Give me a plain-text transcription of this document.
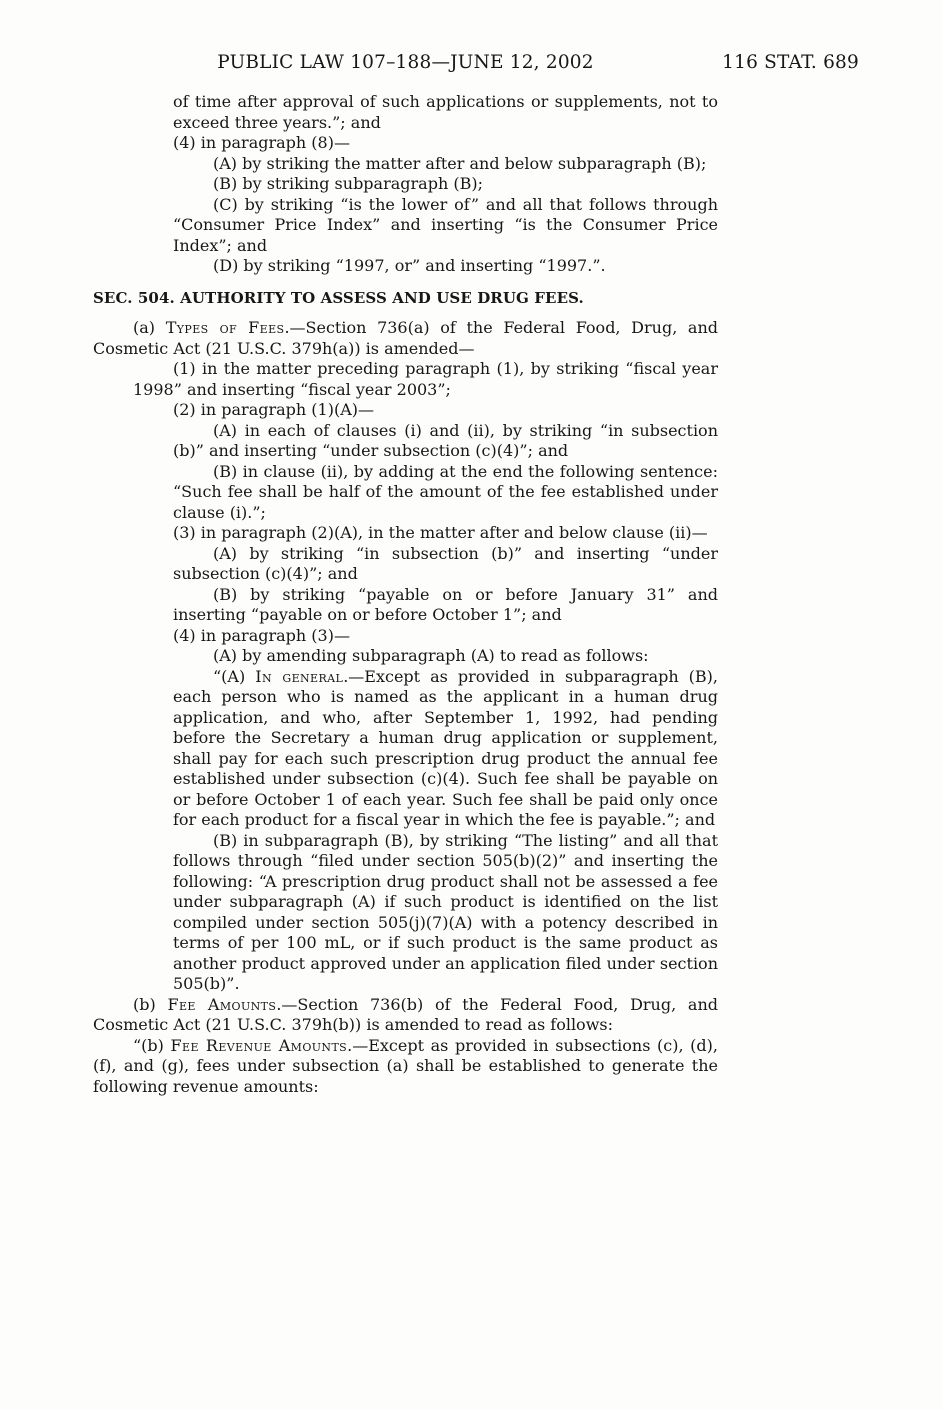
PUBLIC LAW 107–188—JUNE 12, 2002	116 STAT. 689

of time after approval of such applications or supplements, not to exceed three years.”; and

(4) in paragraph (8)—

(A) by striking the matter after and below subparagraph (B);

(B) by striking subparagraph (B);

(C) by striking “is the lower of” and all that follows through “Consumer Price Index” and inserting “is the Consumer Price Index”; and

(D) by striking “1997, or” and inserting “1997.”.

SEC. 504. AUTHORITY TO ASSESS AND USE DRUG FEES.

(a) Types of Fees.—Section 736(a) of the Federal Food, Drug, and Cosmetic Act (21 U.S.C. 379h(a)) is amended—

(1) in the matter preceding paragraph (1), by striking “fiscal year 1998” and inserting “fiscal year 2003”;

(2) in paragraph (1)(A)—

(A) in each of clauses (i) and (ii), by striking “in subsection (b)” and inserting “under subsection (c)(4)”; and

(B) in clause (ii), by adding at the end the following sentence: “Such fee shall be half of the amount of the fee established under clause (i).”;

(3) in paragraph (2)(A), in the matter after and below clause (ii)—

(A) by striking “in subsection (b)” and inserting “under subsection (c)(4)”; and

(B) by striking “payable on or before January 31” and inserting “payable on or before October 1”; and

(4) in paragraph (3)—

(A) by amending subparagraph (A) to read as follows:

“(A) In general.—Except as provided in subparagraph (B), each person who is named as the applicant in a human drug application, and who, after September 1, 1992, had pending before the Secretary a human drug application or supplement, shall pay for each such prescription drug product the annual fee established under subsection (c)(4). Such fee shall be payable on or before October 1 of each year. Such fee shall be paid only once for each product for a fiscal year in which the fee is payable.”; and

(B) in subparagraph (B), by striking “The listing” and all that follows through “filed under section 505(b)(2)” and inserting the following: “A prescription drug product shall not be assessed a fee under subparagraph (A) if such product is identified on the list compiled under section 505(j)(7)(A) with a potency described in terms of per 100 mL, or if such product is the same product as another product approved under an application filed under section 505(b)”.

(b) Fee Amounts.—Section 736(b) of the Federal Food, Drug, and Cosmetic Act (21 U.S.C. 379h(b)) is amended to read as follows:

“(b) Fee Revenue Amounts.—Except as provided in subsections (c), (d), (f), and (g), fees under subsection (a) shall be established to generate the following revenue amounts:
